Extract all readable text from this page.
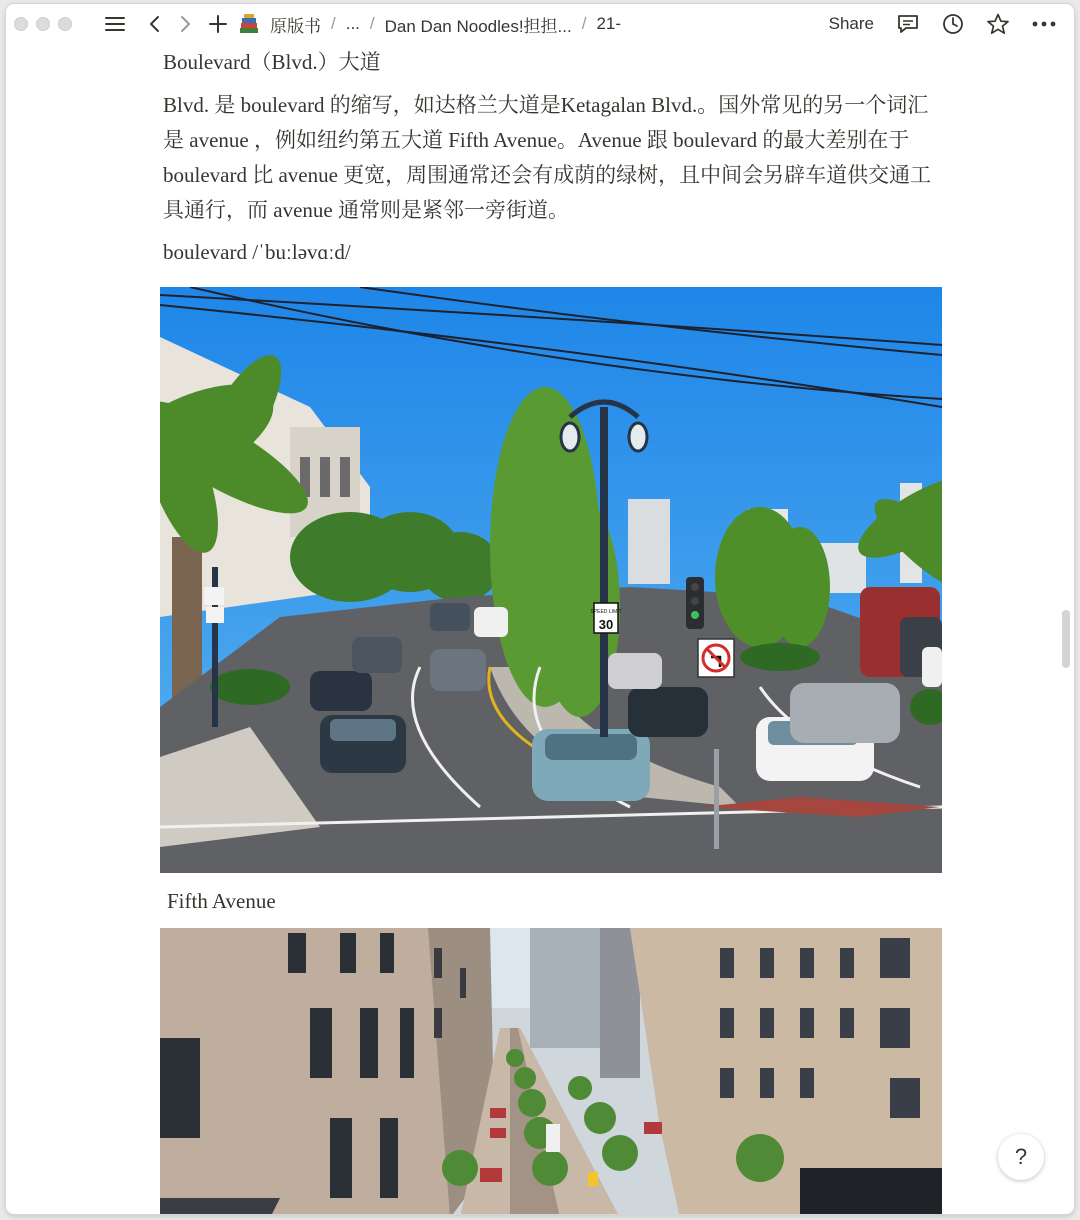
原版书 / ... / Dan Dan Noodles!担担... / 21-	Share

Boulevard（Blvd.）大道

Blvd. 是 boulevard 的缩写，如达格兰大道是Ketagalan Blvd.。国外常见的另一个词汇是 avenue ，例如纽约第五大道 Fifth Avenue。Avenue 跟 boulevard 的最大差别在于 boulevard 比 avenue 更宽，周围通常还会有成荫的绿树，且中间会另辟车道供交通工具通行，而 avenue 通常则是紧邻一旁街道。

boulevard /ˈbuːləvɑːd/

SPEED LIMIT
30
Fifth Avenue
?
